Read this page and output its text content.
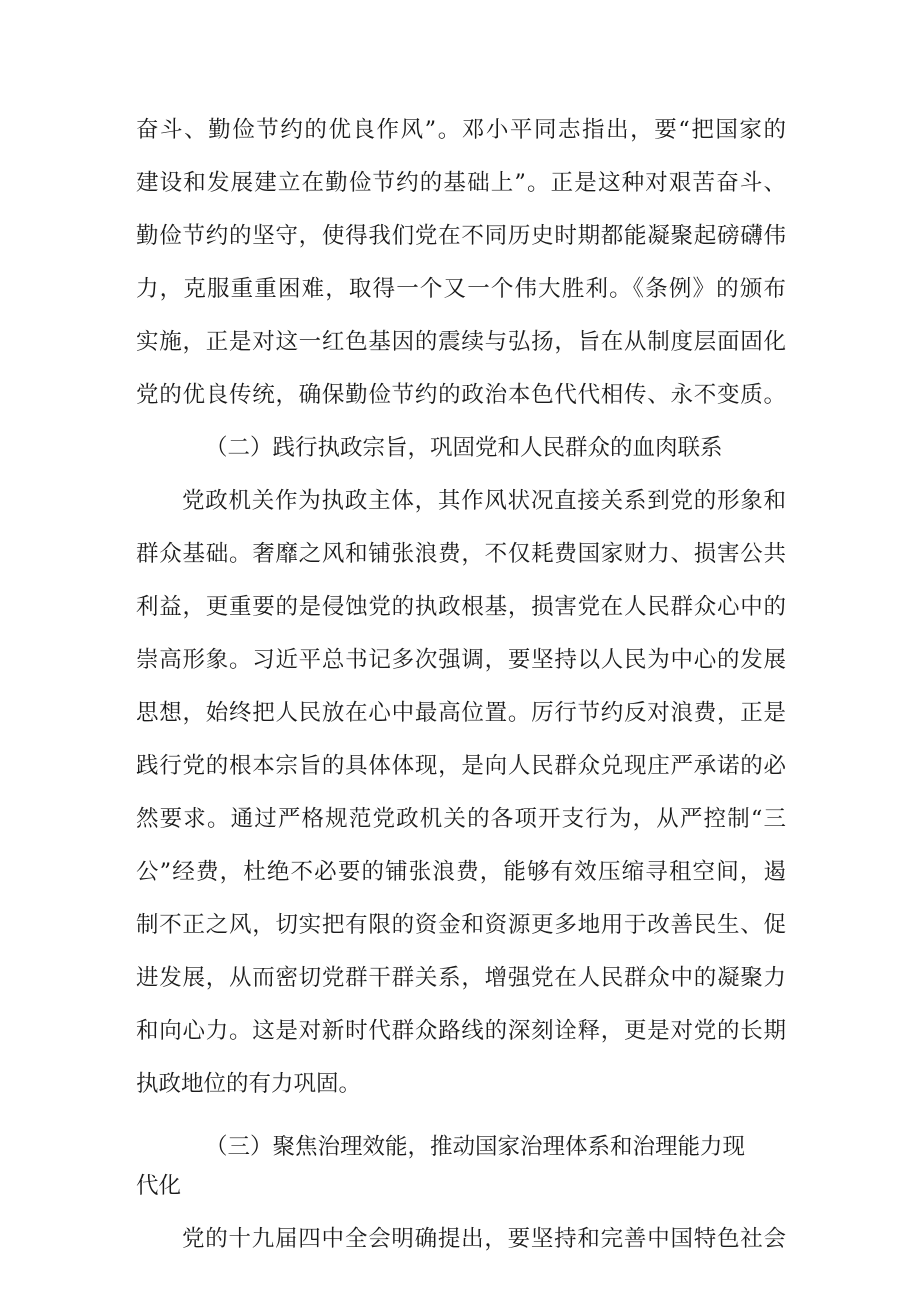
奋斗、勤俭节约的优良作风”。邓小平同志指出，要“把国家的
建设和发展建立在勤俭节约的基础上”。正是这种对艰苦奋斗、
勤俭节约的坚守，使得我们党在不同历史时期都能凝聚起磅礴伟
力，克服重重困难，取得一个又一个伟大胜利。《条例》的颁布
实施，正是对这一红色基因的震续与弘扬，旨在从制度层面固化
党的优良传统，确保勤俭节约的政治本色代代相传、永不变质。
（二）践行执政宗旨，巩固党和人民群众的血肉联系
党政机关作为执政主体，其作风状况直接关系到党的形象和
群众基础。奢靡之风和铺张浪费，不仅耗费国家财力、损害公共
利益，更重要的是侵蚀党的执政根基，损害党在人民群众心中的
崇高形象。习近平总书记多次强调，要坚持以人民为中心的发展
思想，始终把人民放在心中最高位置。厉行节约反对浪费，正是
践行党的根本宗旨的具体体现，是向人民群众兑现庄严承诺的必
然要求。通过严格规范党政机关的各项开支行为，从严控制“三
公”经费，杜绝不必要的铺张浪费，能够有效压缩寻租空间，遏
制不正之风，切实把有限的资金和资源更多地用于改善民生、促
进发展，从而密切党群干群关系，增强党在人民群众中的凝聚力
和向心力。这是对新时代群众路线的深刻诠释，更是对党的长期
执政地位的有力巩固。
（三）聚焦治理效能，推动国家治理体系和治理能力现
代化
党的十九届四中全会明确提出，要坚持和完善中国特色社会
